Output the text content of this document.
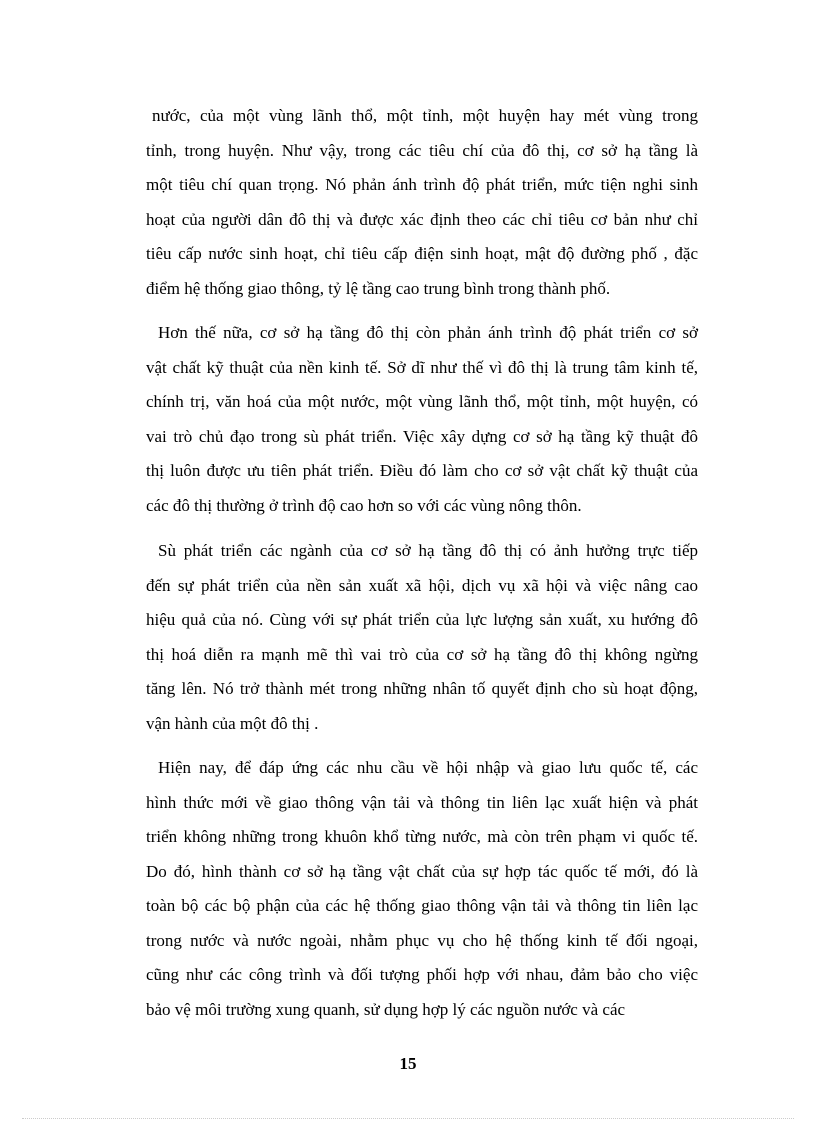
nước, của một vùng lãnh thổ, một tỉnh, một huyện hay mét vùng trong
tỉnh, trong huyện. Như vậy, trong các tiêu chí của đô thị, cơ sở hạ tầng là
một tiêu chí quan trọng. Nó phản ánh trình độ phát triển, mức tiện nghi sinh
hoạt của người dân đô thị và được xác định theo các chỉ tiêu cơ bản như chỉ
tiêu cấp nước sinh hoạt, chỉ tiêu cấp điện sinh hoạt, mật độ đường phố , đặc
điểm hệ thống giao thông, tỷ lệ tầng cao trung bình trong thành phố.

Hơn thế nữa, cơ sở hạ tầng đô thị còn phản ánh trình độ phát triển cơ sở
vật chất kỹ thuật của nền kinh tế. Sở dĩ như thế vì đô thị là trung tâm kinh tế,
chính trị, văn hoá của một nước, một vùng lãnh thổ, một tỉnh, một huyện, có
vai trò chủ đạo trong sù phát triển. Việc xây dựng cơ sở hạ tầng kỹ thuật đô
thị luôn được ưu tiên phát triển. Điều đó làm cho cơ sở vật chất kỹ thuật của
các đô thị thường ở trình độ cao hơn so với các vùng nông thôn.

Sù phát triển các ngành của cơ sở hạ tầng đô thị có ảnh hưởng trực tiếp
đến sự phát triển của nền sản xuất xã hội, dịch vụ xã hội và việc nâng cao
hiệu quả của nó. Cùng với sự phát triển của lực lượng sản xuất, xu hướng đô
thị hoá diễn ra mạnh mẽ thì vai trò của cơ sở hạ tầng đô thị không ngừng
tăng lên. Nó trở thành mét trong những nhân tố quyết định cho sù hoạt động,
vận hành của một đô thị .

Hiện nay, để đáp ứng các nhu cầu về hội nhập và giao lưu quốc tế, các
hình thức mới về giao thông vận tải và thông tin liên lạc xuất hiện và phát
triển không những trong khuôn khổ từng nước, mà còn trên phạm vi quốc tế.
Do đó, hình thành cơ sở hạ tầng vật chất của sự hợp tác quốc tế mới, đó là
toàn bộ các bộ phận của các hệ thống giao thông vận tải và thông tin liên lạc
trong nước và nước ngoài, nhằm phục vụ cho hệ thống kinh tế đối ngoại,
cũng như các công trình và đối tượng phối hợp với nhau, đảm bảo cho việc
bảo vệ môi trường xung quanh, sử dụng hợp lý các nguồn nước và các

15
